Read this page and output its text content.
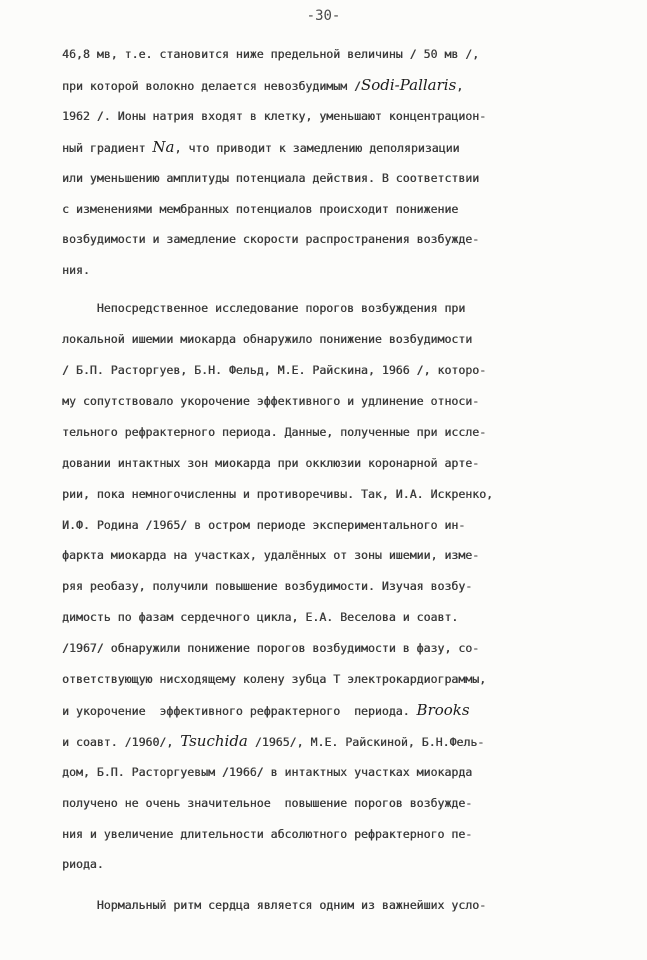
-30-
46,8 мв, т.е. становится ниже предельной величины / 50 мв /,
при которой волокно делается невозбудимым /Sodi-Pallaris,
1962 /. Ионы натрия входят в клетку, уменьшают концентрацион-
ный градиент Na, что приводит к замедлению деполяризации
или уменьшению амплитуды потенциала действия. В соответствии
с изменениями мембранных потенциалов происходит понижение
возбудимости и замедление скорости распространения возбужде-
ния.
Непосредственное исследование порогов возбуждения при
локальной ишемии миокарда обнаружило понижение возбудимости
/ Б.П. Расторгуев, Б.Н. Фельд, М.Е. Райскина, 1966 /, которо-
му сопутствовало укорочение эффективного и удлинение относи-
тельного рефрактерного периода. Данные, полученные при иссле-
довании интактных зон миокарда при окклюзии коронарной арте-
рии, пока немногочисленны и противоречивы. Так, И.А. Искренко,
И.Ф. Родина /1965/ в остром периоде экспериментального ин-
фаркта миокарда на участках, удалённых от зоны ишемии, изме-
ряя реобазу, получили повышение возбудимости. Изучая возбу-
димость по фазам сердечного цикла, Е.А. Веселова и соавт.
/1967/ обнаружили понижение порогов возбудимости в фазу, со-
ответствующую нисходящему колену зубца Т электрокардиограммы,
и укорочение  эффективного рефрактерного  периода. Brooks
и соавт. /1960/, Tsuchida /1965/, М.Е. Райскиной, Б.Н.Фель-
дом, Б.П. Расторгуевым /1966/ в интактных участках миокарда
получено не очень значительное  повышение порогов возбужде-
ния и увеличение длительности абсолютного рефрактерного пе-
риода.
Нормальный ритм сердца является одним из важнейших усло-
